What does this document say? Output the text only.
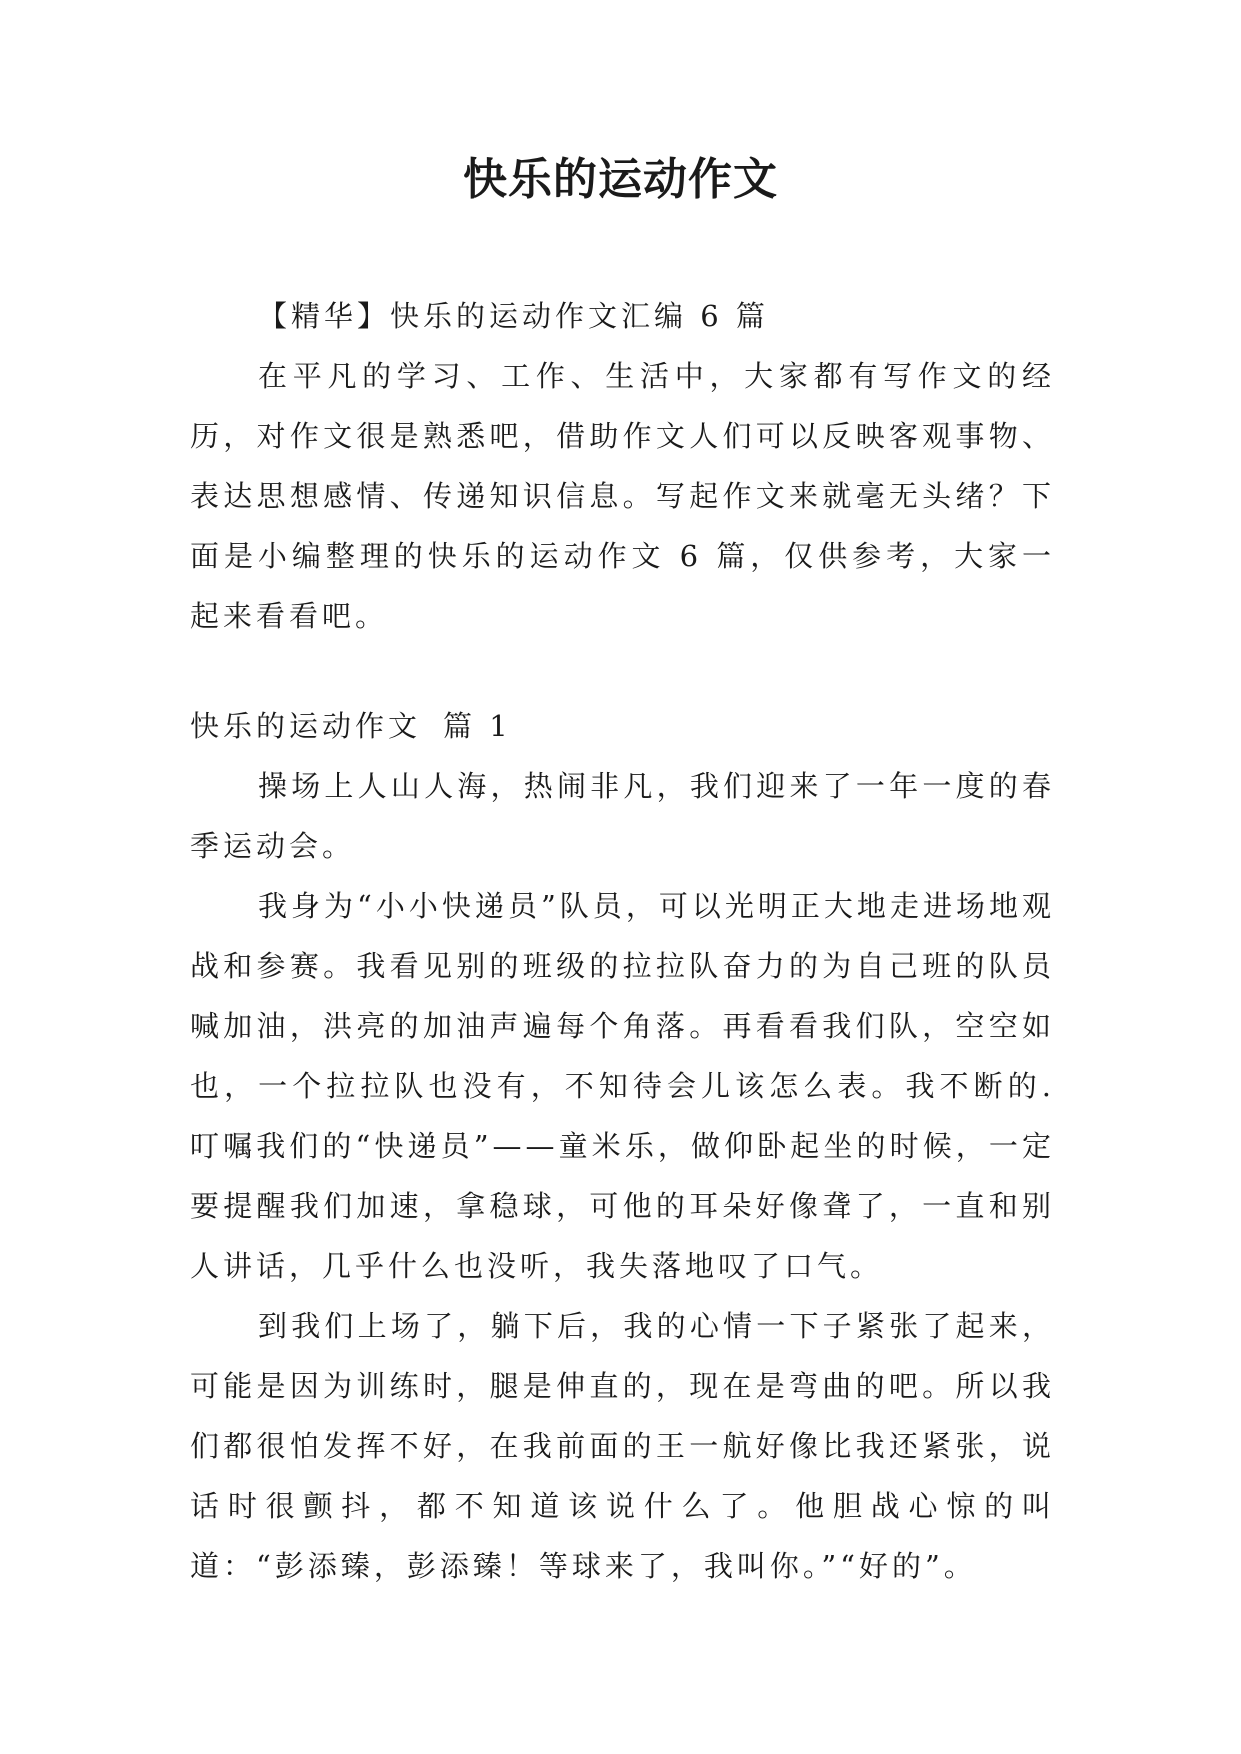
快乐的运动作文

【精华】快乐的运动作文汇编 6 篇

在平凡的学习、工作、生活中，大家都有写作文的经历，对作文很是熟悉吧，借助作文人们可以反映客观事物、表达思想感情、传递知识信息。写起作文来就毫无头绪？下面是小编整理的快乐的运动作文 6 篇，仅供参考，大家一起来看看吧。

快乐的运动作文 篇 1

操场上人山人海，热闹非凡，我们迎来了一年一度的春季运动会。

我身为“小小快递员”队员，可以光明正大地走进场地观战和参赛。我看见别的班级的拉拉队奋力的为自己班的队员喊加油，洪亮的加油声遍每个角落。再看看我们队，空空如也，一个拉拉队也没有，不知待会儿该怎么表。我不断的.叮嘱我们的“快递员”——童米乐，做仰卧起坐的时候，一定要提醒我们加速，拿稳球，可他的耳朵好像聋了，一直和别人讲话，几乎什么也没听，我失落地叹了口气。

到我们上场了，躺下后，我的心情一下子紧张了起来，可能是因为训练时，腿是伸直的，现在是弯曲的吧。所以我们都很怕发挥不好，在我前面的王一航好像比我还紧张，说话时很颤抖，都不知道该说什么了。他胆战心惊的叫道：“彭添臻，彭添臻！等球来了，我叫你。”“好的”。
